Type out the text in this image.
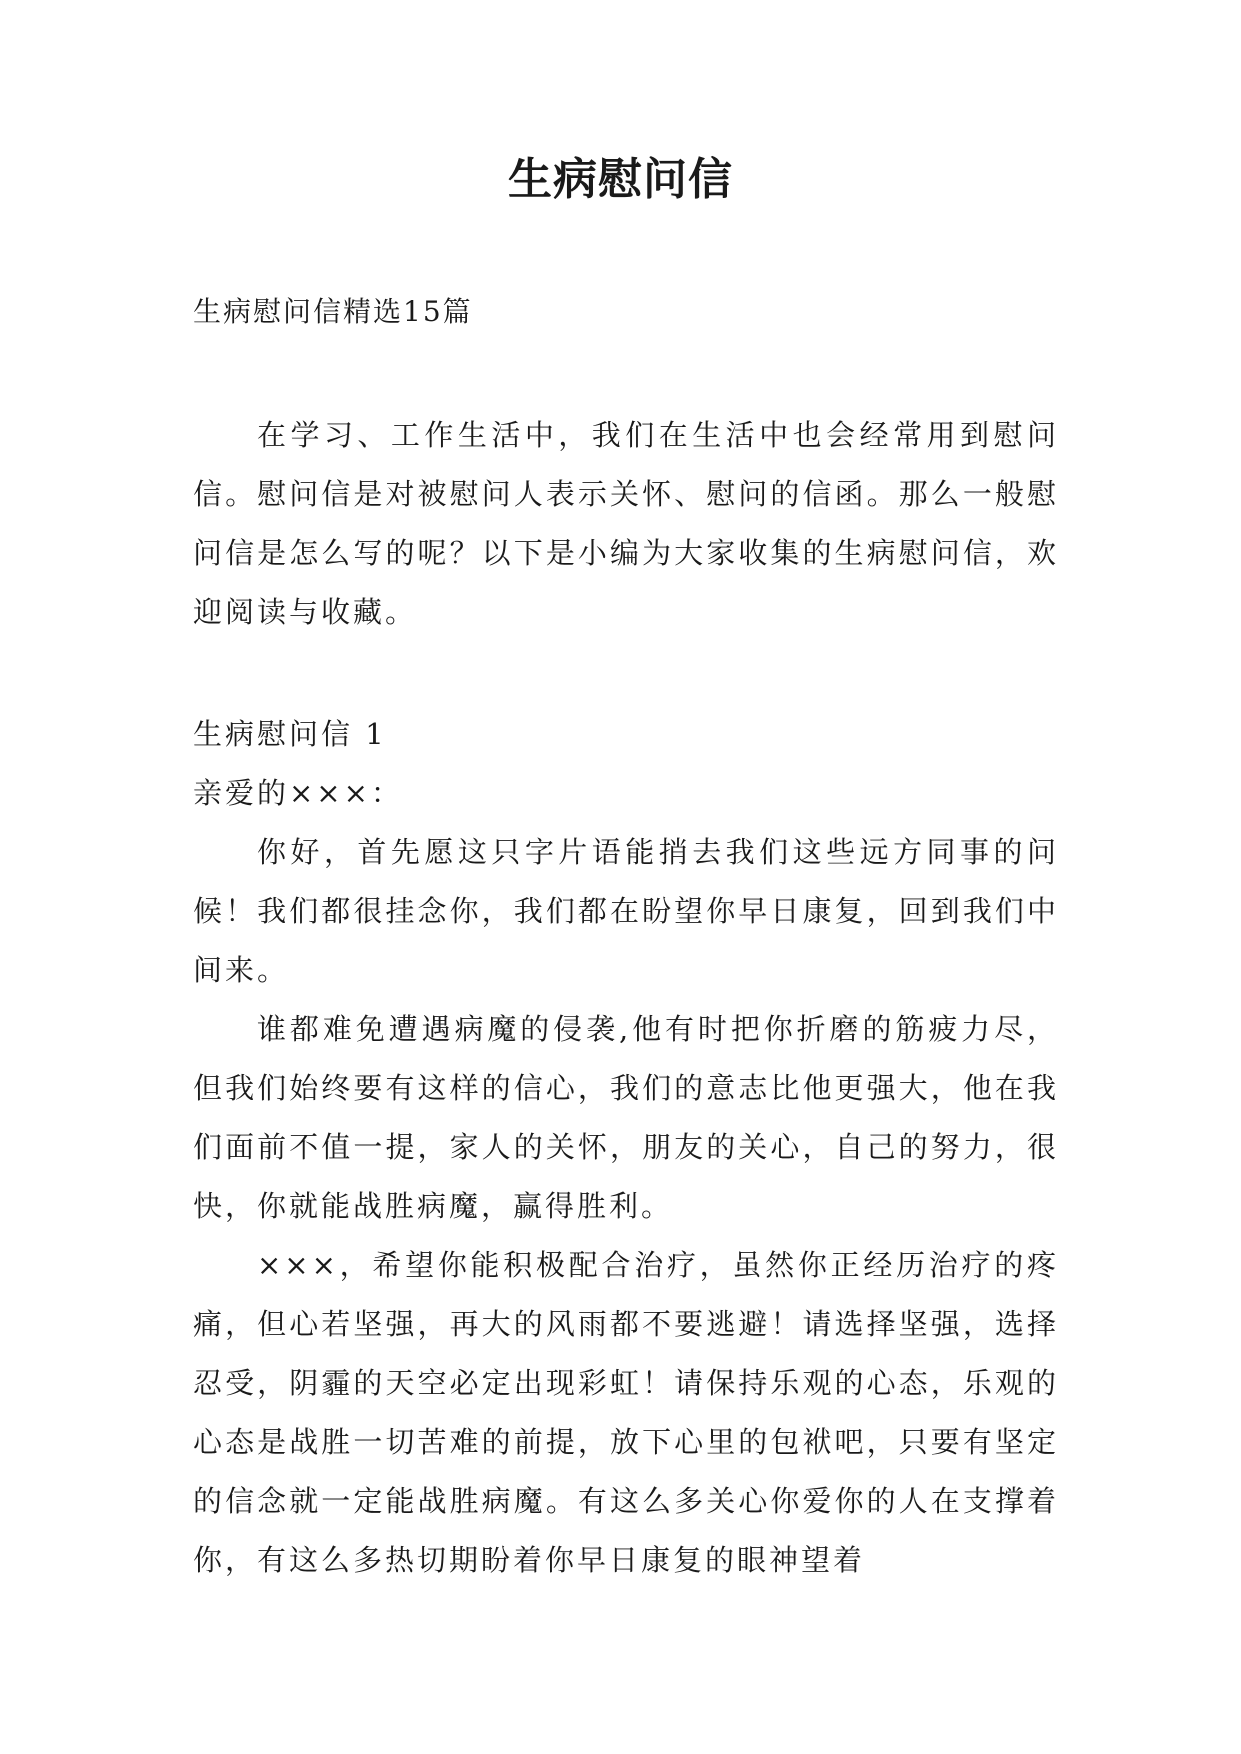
生病慰问信
生病慰问信精选15篇

在学习、工作生活中，我们在生活中也会经常用到慰问信。慰问信是对被慰问人表示关怀、慰问的信函。那么一般慰问信是怎么写的呢？以下是小编为大家收集的生病慰问信，欢迎阅读与收藏。

生病慰问信 1

亲爱的×××：

你好，首先愿这只字片语能捎去我们这些远方同事的问候！我们都很挂念你，我们都在盼望你早日康复，回到我们中间来。

谁都难免遭遇病魔的侵袭,他有时把你折磨的筋疲力尽，但我们始终要有这样的信心，我们的意志比他更强大，他在我们面前不值一提，家人的关怀，朋友的关心，自己的努力，很快，你就能战胜病魔，赢得胜利。

×××，希望你能积极配合治疗，虽然你正经历治疗的疼痛，但心若坚强，再大的风雨都不要逃避！请选择坚强，选择忍受，阴霾的天空必定出现彩虹！请保持乐观的心态，乐观的心态是战胜一切苦难的前提，放下心里的包袱吧，只要有坚定的信念就一定能战胜病魔。有这么多关心你爱你的人在支撑着你，有这么多热切期盼着你早日康复的眼神望着
